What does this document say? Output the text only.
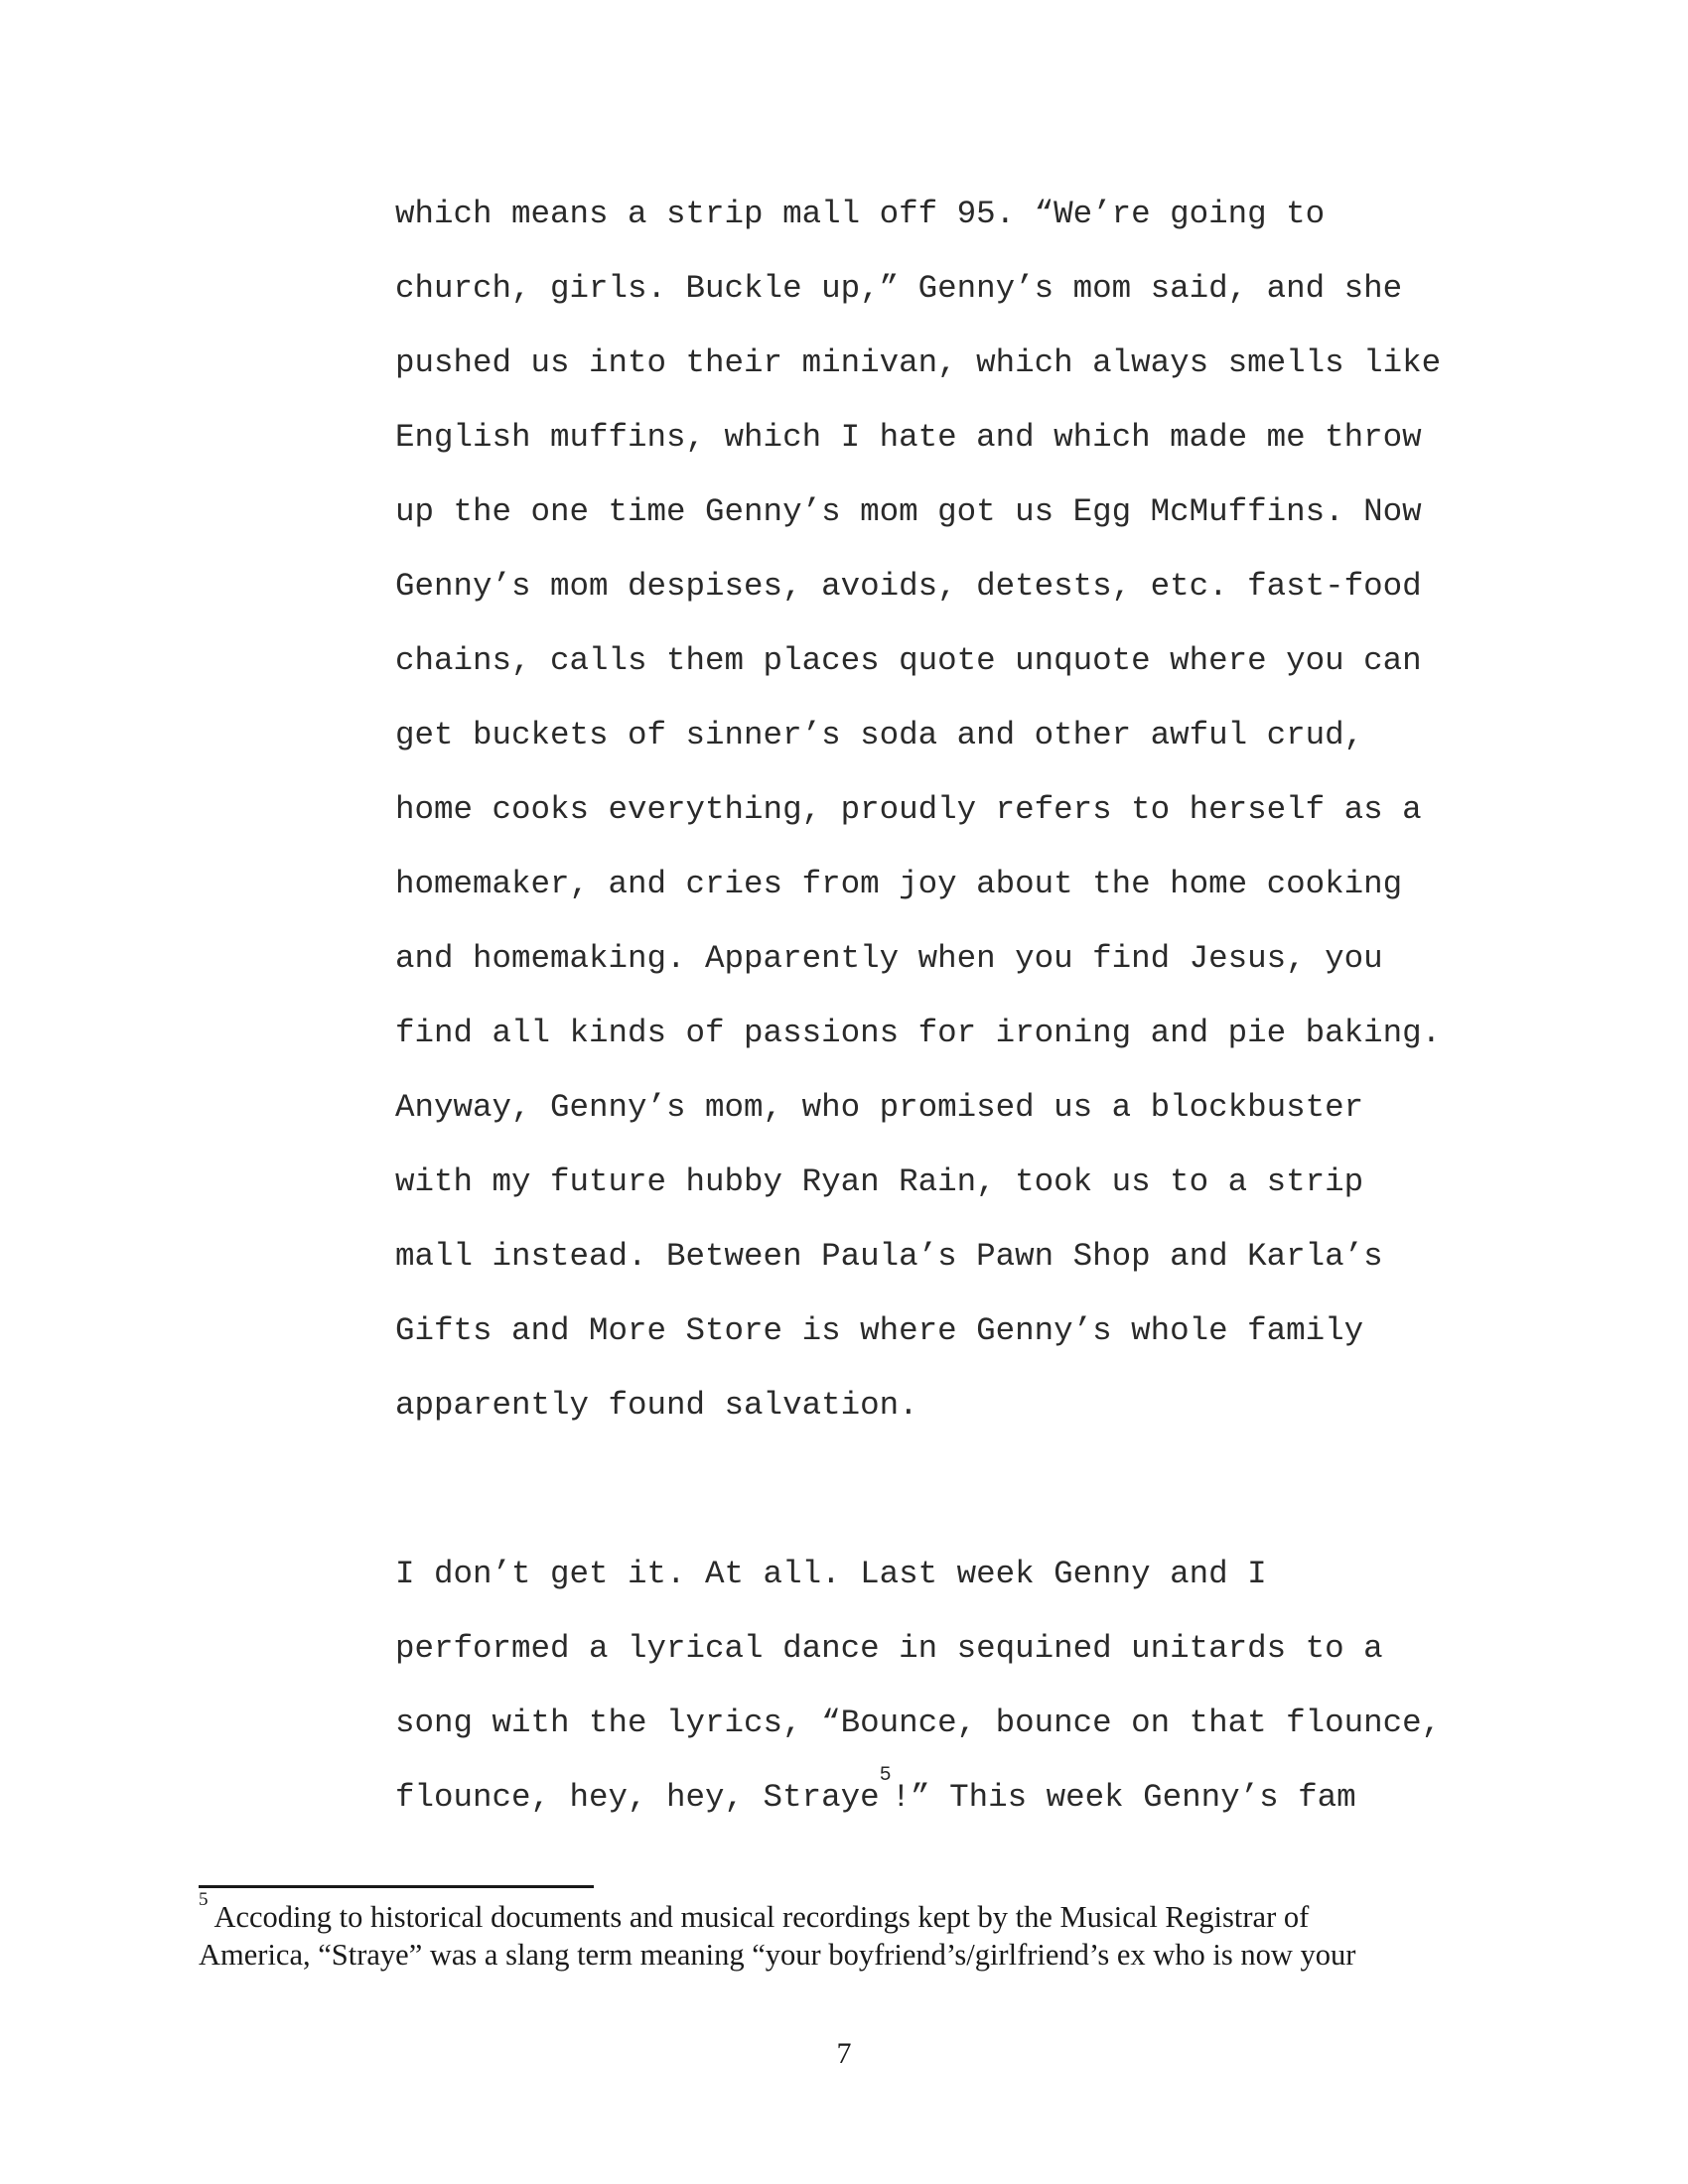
which means a strip mall off 95. “We’re going to
church, girls. Buckle up,” Genny’s mom said, and she
pushed us into their minivan, which always smells like
English muffins, which I hate and which made me throw
up the one time Genny’s mom got us Egg McMuffins. Now
Genny’s mom despises, avoids, detests, etc. fast-food
chains, calls them places quote unquote where you can
get buckets of sinner’s soda and other awful crud,
home cooks everything, proudly refers to herself as a
homemaker, and cries from joy about the home cooking
and homemaking. Apparently when you find Jesus, you
find all kinds of passions for ironing and pie baking.
Anyway, Genny’s mom, who promised us a blockbuster
with my future hubby Ryan Rain, took us to a strip
mall instead. Between Paula’s Pawn Shop and Karla’s
Gifts and More Store is where Genny’s whole family
apparently found salvation.
I don’t get it. At all. Last week Genny and I
performed a lyrical dance in sequined unitards to a
song with the lyrics, “Bounce, bounce on that flounce,
flounce, hey, hey, Straye$^5$!” This week Genny’s fam
$^5$ Accoding to historical documents and musical recordings kept by the Musical Registrar of
America, “Straye” was a slang term meaning “your boyfriend’s/girlfriend’s ex who is now your
7
